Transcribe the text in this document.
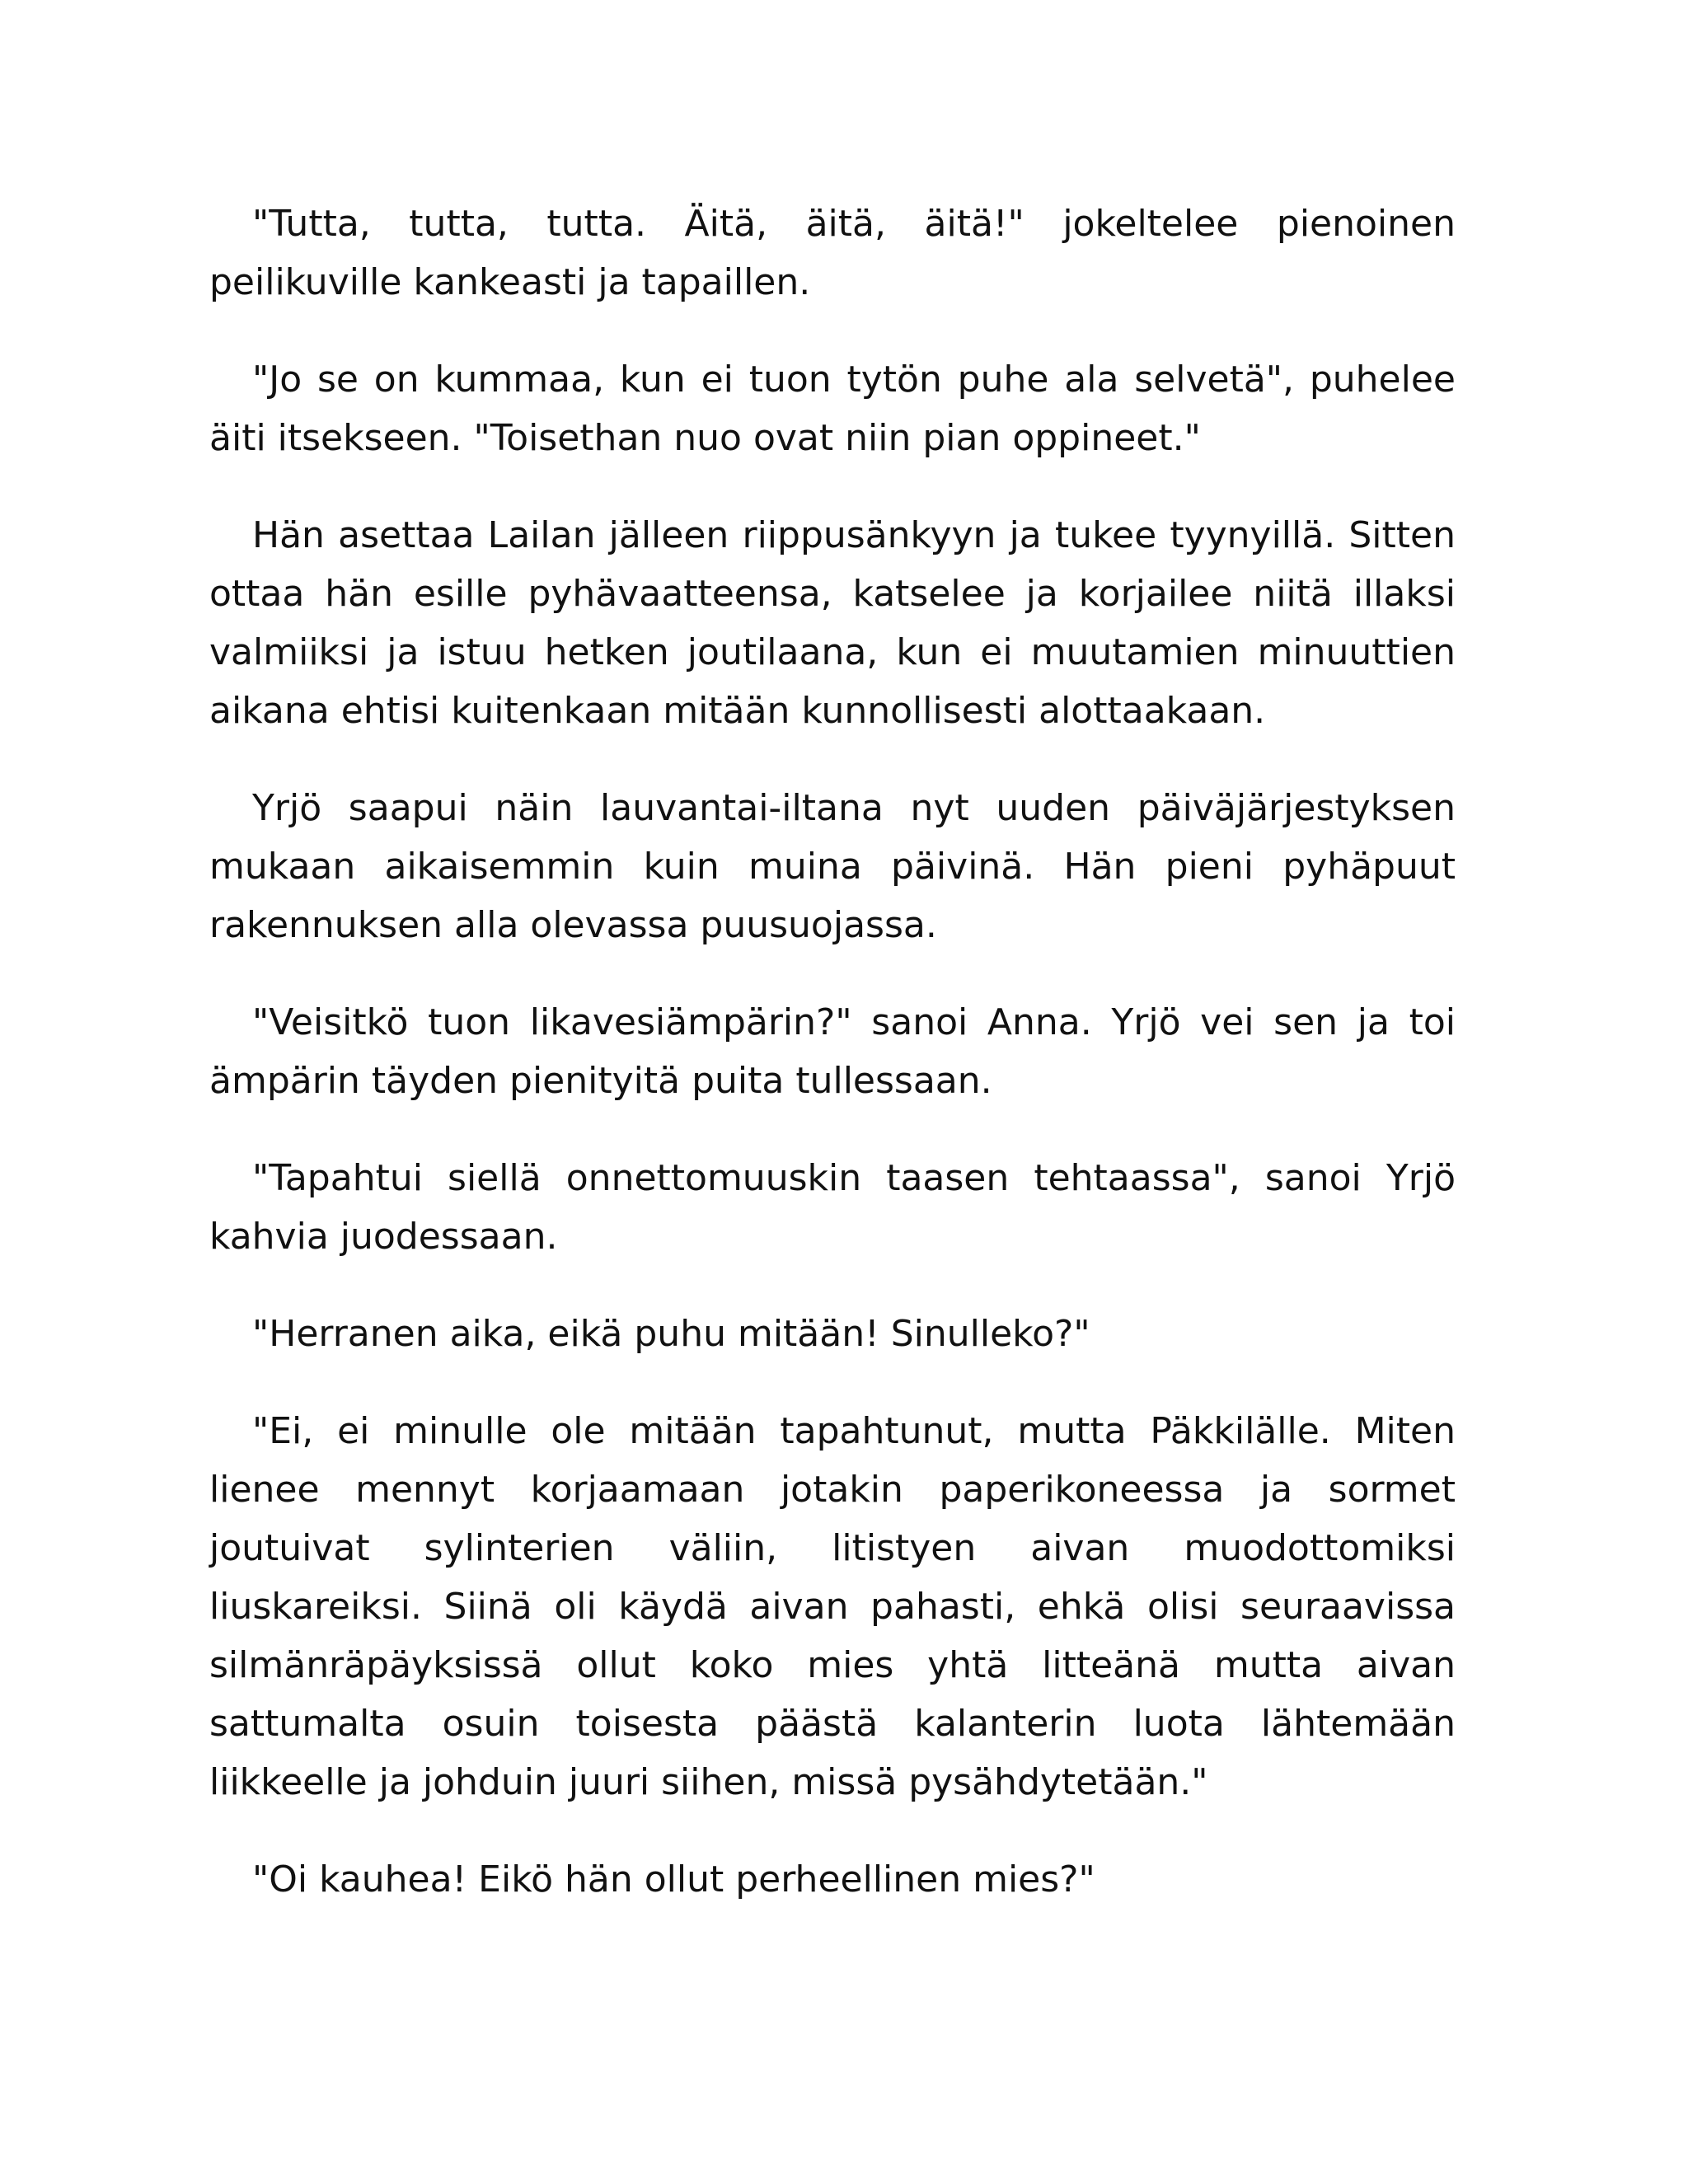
"Tutta, tutta, tutta. Äitä, äitä, äitä!" jokeltelee pienoinen peilikuville kankeasti ja tapaillen.

"Jo se on kummaa, kun ei tuon tytön puhe ala selvetä", puhelee äiti itsekseen. "Toisethan nuo ovat niin pian oppineet."

Hän asettaa Lailan jälleen riippusänkyyn ja tukee tyynyillä. Sitten ottaa hän esille pyhävaatteensa, katselee ja korjailee niitä illaksi valmiiksi ja istuu hetken joutilaana, kun ei muutamien minuuttien aikana ehtisi kuitenkaan mitään kunnollisesti alottaakaan.

Yrjö saapui näin lauvantai-iltana nyt uuden päiväjärjestyksen mukaan aikaisemmin kuin muina päivinä. Hän pieni pyhäpuut rakennuksen alla olevassa puusuojassa.

"Veisitkö tuon likavesiämpärin?" sanoi Anna. Yrjö vei sen ja toi ämpärin täyden pienityitä puita tullessaan.

"Tapahtui siellä onnettomuuskin taasen tehtaassa", sanoi Yrjö kahvia juodessaan.

"Herranen aika, eikä puhu mitään! Sinulleko?"

"Ei, ei minulle ole mitään tapahtunut, mutta Päkkilälle. Miten lienee mennyt korjaamaan jotakin paperikoneessa ja sormet joutuivat sylinterien väliin, litistyen aivan muodottomiksi liuskareiksi. Siinä oli käydä aivan pahasti, ehkä olisi seuraavissa silmänräpäyksissä ollut koko mies yhtä litteänä mutta aivan sattumalta osuin toisesta päästä kalanterin luota lähtemään liikkeelle ja johduin juuri siihen, missä pysähdytetään."

"Oi kauhea! Eikö hän ollut perheellinen mies?"
